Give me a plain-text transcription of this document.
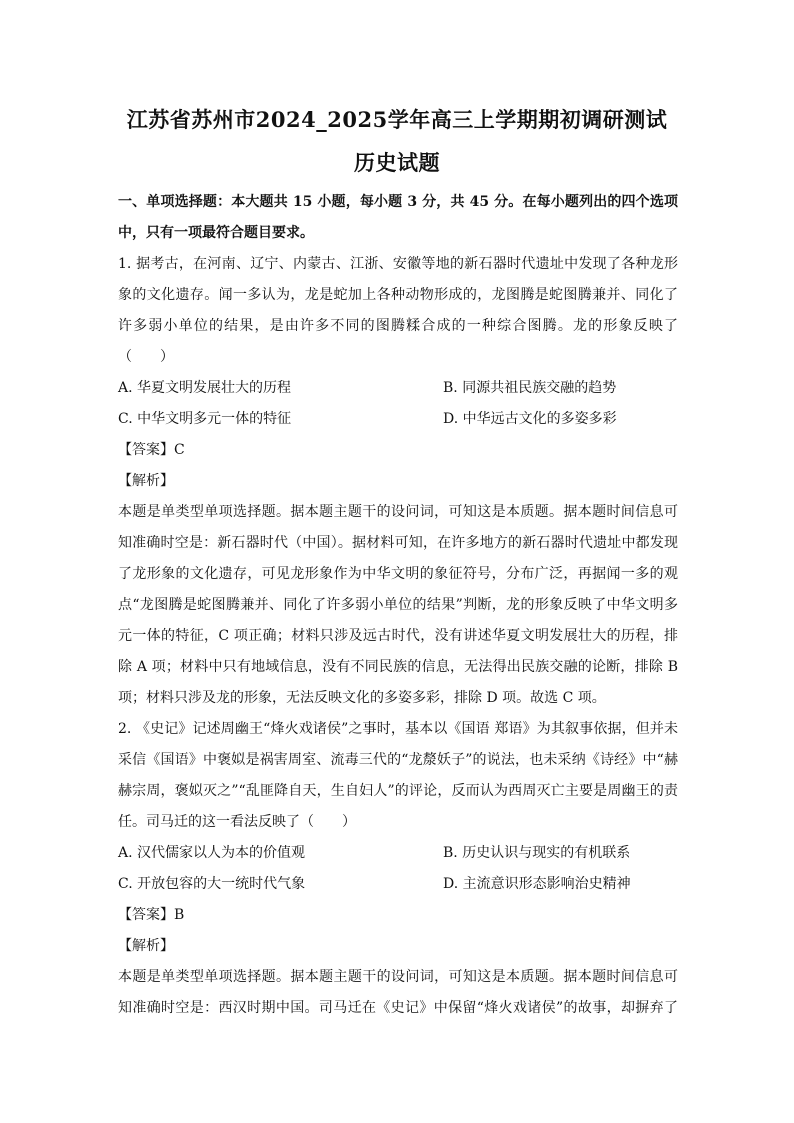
江苏省苏州市2024_2025学年高三上学期期初调研测试
历史试题
一、单项选择题：本大题共 15 小题，每小题 3 分，共 45 分。在每小题列出的四个选项
中，只有一项最符合题目要求。
1. 据考古，在河南、辽宁、内蒙古、江浙、安徽等地的新石器时代遗址中发现了各种龙形
象的文化遗存。闻一多认为，龙是蛇加上各种动物形成的，龙图腾是蛇图腾兼并、同化了
许多弱小单位的结果，是由许多不同的图腾糅合成的一种综合图腾。龙的形象反映了
（　　）
A. 华夏文明发展壮大的历程	B. 同源共祖民族交融的趋势
C. 中华文明多元一体的特征	D. 中华远古文化的多姿多彩
【答案】C
【解析】
本题是单类型单项选择题。据本题主题干的设问词，可知这是本质题。据本题时间信息可
知准确时空是：新石器时代（中国）。据材料可知，在许多地方的新石器时代遗址中都发现
了龙形象的文化遗存，可见龙形象作为中华文明的象征符号，分布广泛，再据闻一多的观
点“龙图腾是蛇图腾兼并、同化了许多弱小单位的结果”判断，龙的形象反映了中华文明多
元一体的特征，C 项正确；材料只涉及远古时代，没有讲述华夏文明发展壮大的历程，排
除 A 项；材料中只有地域信息，没有不同民族的信息，无法得出民族交融的论断，排除 B
项；材料只涉及龙的形象，无法反映文化的多姿多彩，排除 D 项。故选 C 项。
2. 《史记》记述周幽王“烽火戏诸侯”之事时，基本以《国语 郑语》为其叙事依据，但并未
采信《国语》中褒姒是祸害周室、流毒三代的“龙漦妖子”的说法，也未采纳《诗经》中“赫
赫宗周，褒姒灭之”“乱匪降自天，生自妇人”的评论，反而认为西周灭亡主要是周幽王的责
任。司马迁的这一看法反映了（　　）
A. 汉代儒家以人为本的价值观	B. 历史认识与现实的有机联系
C. 开放包容的大一统时代气象	D. 主流意识形态影响治史精神
【答案】B
【解析】
本题是单类型单项选择题。据本题主题干的设问词，可知这是本质题。据本题时间信息可
知准确时空是：西汉时期中国。司马迁在《史记》中保留“烽火戏诸侯”的故事，却摒弃了
